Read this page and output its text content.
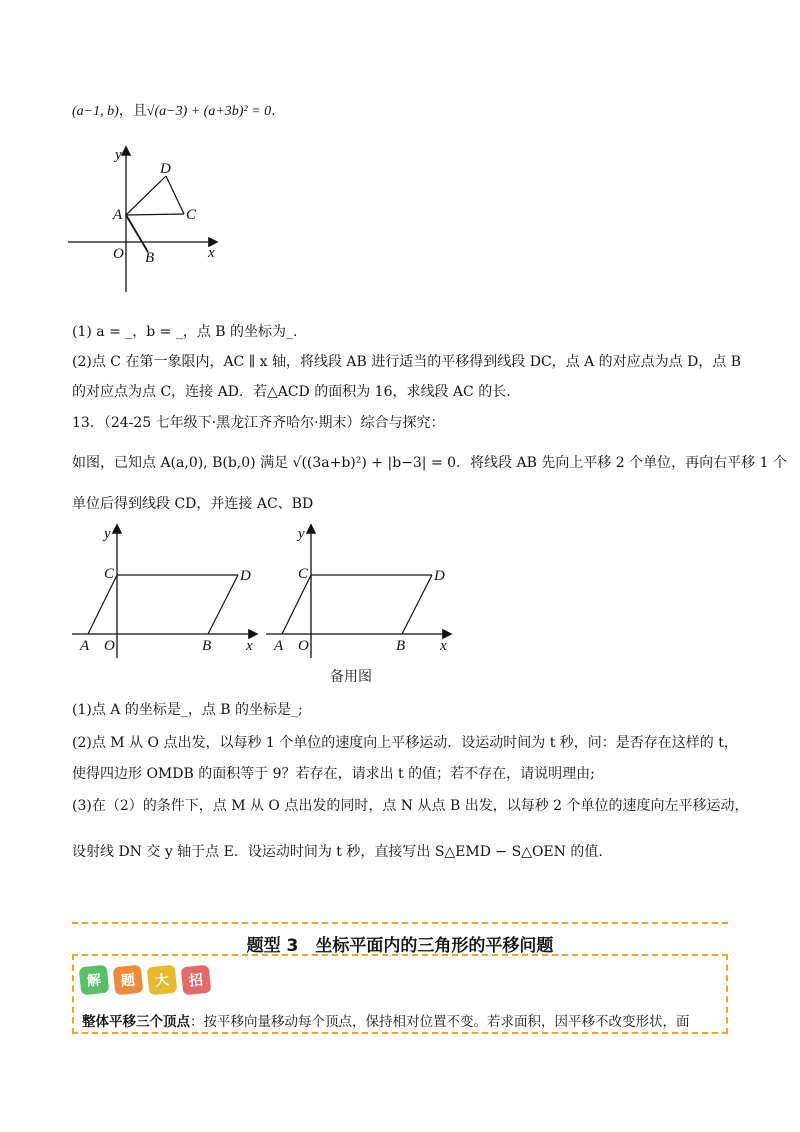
(a−1, b)，且√(a−3) + (a+3b)² = 0.
y
x
O
A
B
C
D
(1) a = _，b = _，点 B 的坐标为_.
(2)点 C 在第一象限内，AC ∥ x 轴，将线段 AB 进行适当的平移得到线段 DC，点 A 的对应点为点 D，点 B
的对应点为点 C，连接 AD．若△ACD 的面积为 16，求线段 AC 的长.
13．（24-25 七年级下·黑龙江齐齐哈尔·期末）综合与探究：
如图，已知点 A(a,0), B(b,0) 满足 √((3a+b)²) + |b−3| = 0．将线段 AB 先向上平移 2 个单位，再向右平移 1 个
单位后得到线段 CD，并连接 AC、BD
y
x
O
A	B
C	D
y
x
O
A	B
C	D
备用图
(1)点 A 的坐标是_，点 B 的坐标是_;
(2)点 M 从 O 点出发，以每秒 1 个单位的速度向上平移运动．设运动时间为 t 秒，问：是否存在这样的 t，
使得四边形 OMDB 的面积等于 9？若存在，请求出 t 的值；若不存在，请说明理由;
(3)在（2）的条件下，点 M 从 O 点出发的同时，点 N 从点 B 出发，以每秒 2 个单位的速度向左平移运动，
设射线 DN 交 y 轴于点 E．设运动时间为 t 秒，直接写出 S△EMD − S△OEN 的值.
题型 3　坐标平面内的三角形的平移问题
解	题	大	招
整体平移三个顶点：按平移向量移动每个顶点，保持相对位置不变。若求面积，因平移不改变形状，面
